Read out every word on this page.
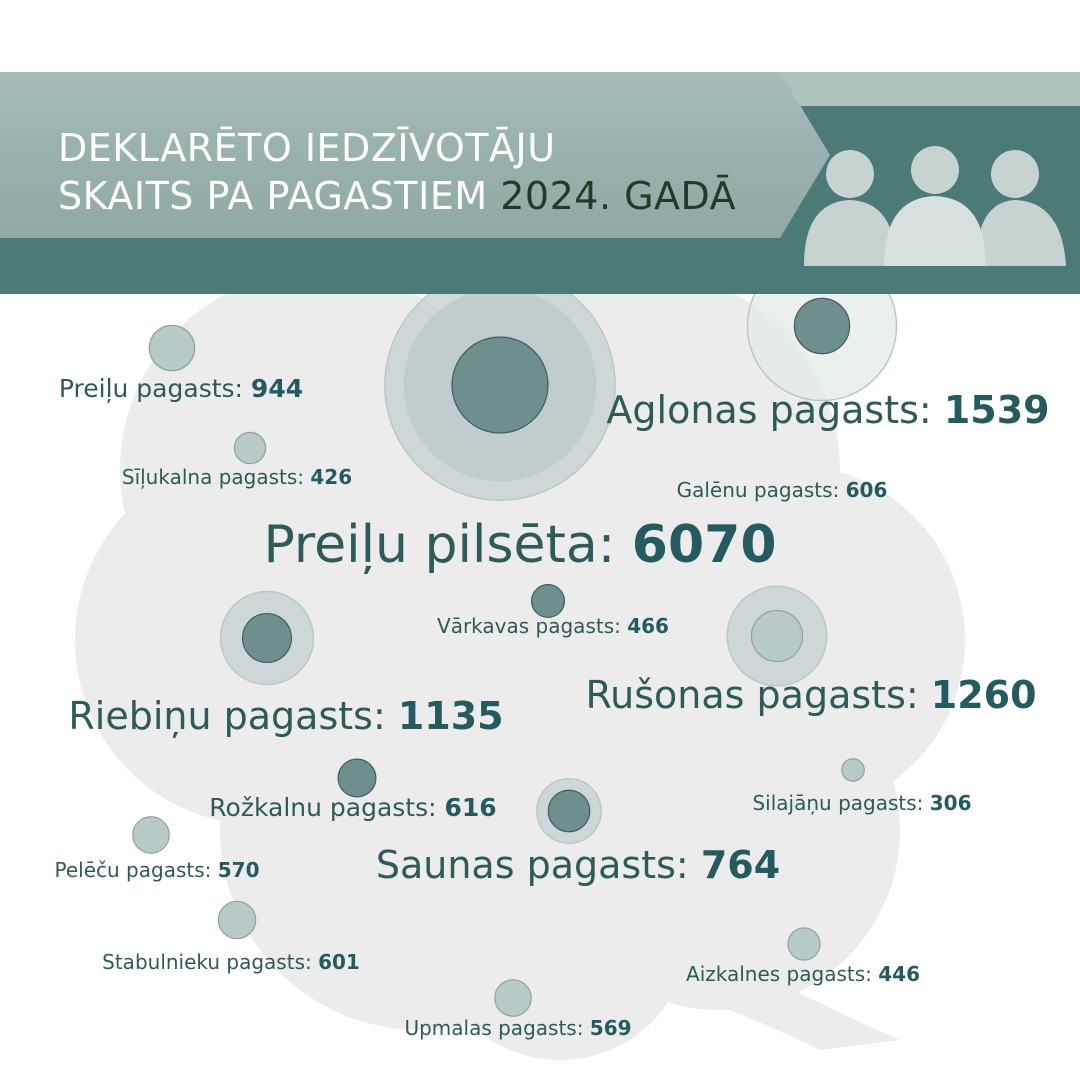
DEKLARĒTO IEDZĪVOTĀJU
SKAITS PA PAGASTIEM 2024. GADĀ
Preiļu pilsēta: 6070
Aglonas pagasts: 1539
Rušonas pagasts: 1260
Riebiņu pagasts: 1135
Preiļu pagasts: 944
Saunas pagasts: 764
Rožkalnu pagasts: 616
Galēnu pagasts: 606
Stabulnieku pagasts: 601
Pelēču pagasts: 570
Upmalas pagasts: 569
Vārkavas pagasts: 466
Aizkalnes pagasts: 446
Sīļukalna pagasts: 426
Silajāņu pagasts: 306
